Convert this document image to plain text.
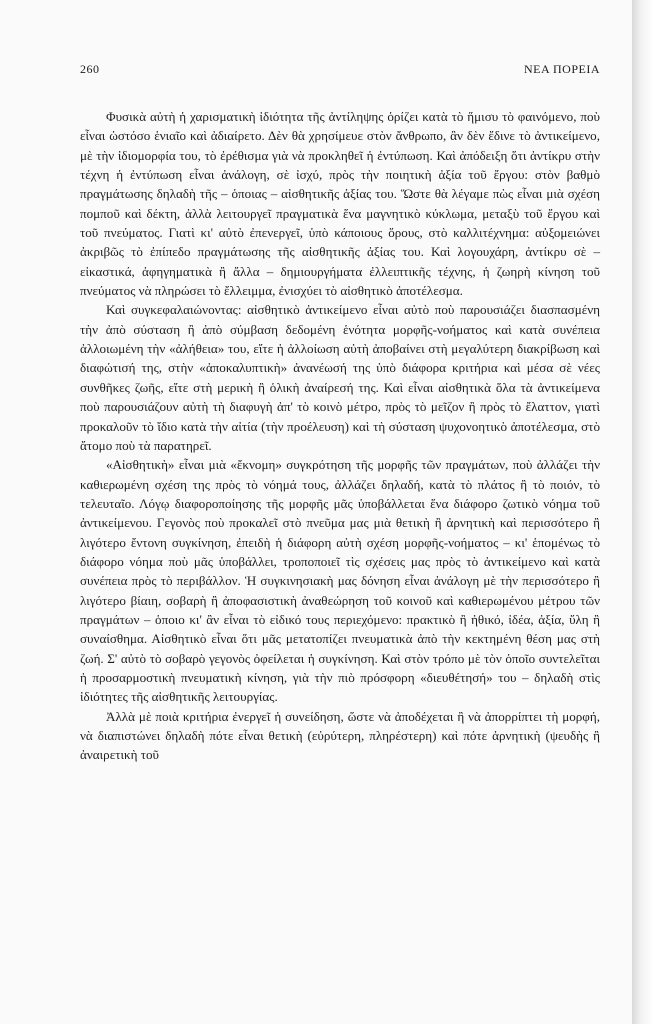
260	ΝΕΑ ΠΟΡΕΙΑ

Φυσικὰ αὐτὴ ἡ χαρισματικὴ ἰδιότητα τῆς ἀντίληψης ὁρίζει κατὰ τὸ ἥμισυ τὸ φαινόμενο, ποὺ εἶναι ὡστόσο ἑνιαῖο καὶ ἀδιαίρετο. Δὲν θὰ χρησίμευε στὸν ἄνθρωπο, ἂν δὲν ἔδινε τὸ ἀντικείμενο, μὲ τὴν ἰδιομορφία του, τὸ ἐρέθισμα γιὰ νὰ προκληθεῖ ἡ ἐντύπωση. Καὶ ἀπόδειξη ὅτι ἀντίκρυ στὴν τέχνη ἡ ἐντύπωση εἶναι ἀνάλογη, σὲ ἰσχύ, πρὸς τὴν ποιητικὴ ἀξία τοῦ ἔργου: στὸν βαθμὸ πραγμάτωσης δηλαδὴ τῆς – ὁποιας – αἰσθητικῆς ἀξίας του. Ὥστε θὰ λέγαμε πὼς εἶναι μιὰ σχέση πομποῦ καὶ δέκτη, ἀλλὰ λειτουργεῖ πραγματικὰ ἕνα μαγνητικὸ κύκλωμα, μεταξὺ τοῦ ἔργου καὶ τοῦ πνεύματος. Γιατὶ κι' αὐτὸ ἐπενεργεῖ, ὑπὸ κάποιους ὅρους, στὸ καλλιτέχνημα: αὐξομειώνει ἀκριβῶς τὸ ἐπίπεδο πραγμάτωσης τῆς αἰσθητικῆς ἀξίας του. Καὶ λογουχάρη, ἀντίκρυ σὲ – εἰκαστικά, ἀφηγηματικὰ ἢ ἄλλα – δημιουργήματα ἐλλειπτικῆς τέχνης, ἡ ζωηρὴ κίνηση τοῦ πνεύματος νὰ πληρώσει τὸ ἔλλειμμα, ἐνισχύει τὸ αἰσθητικὸ ἀποτέλεσμα.

Καὶ συγκεφαλαιώνοντας: αἰσθητικὸ ἀντικείμενο εἶναι αὐτὸ ποὺ παρουσιάζει διασπασμένη τὴν ἀπὸ σύσταση ἢ ἀπὸ σύμβαση δεδομένη ἑνότητα μορφῆς-νοήματος καὶ κατὰ συνέπεια ἀλλοιωμένη τὴν «ἀλήθεια» του, εἴτε ἡ ἀλλοίωση αὐτὴ ἀποβαίνει στὴ μεγαλύτερη διακρίβωση καὶ διαφώτισή της, στὴν «ἀποκαλυπτικὴ» ἀνανέωσή της ὑπὸ διάφορα κριτήρια καὶ μέσα σὲ νέες συνθῆκες ζωῆς, εἴτε στὴ μερικὴ ἢ ὁλικὴ ἀναίρεσή της. Καὶ εἶναι αἰσθητικὰ ὅλα τὰ ἀντικείμενα ποὺ παρουσιάζουν αὐτὴ τὴ διαφυγὴ ἀπ' τὸ κοινὸ μέτρο, πρὸς τὸ μεῖζον ἢ πρὸς τὸ ἔλαττον, γιατὶ προκαλοῦν τὸ ἴδιο κατὰ τὴν αἰτία (τὴν προέλευση) καὶ τὴ σύσταση ψυχονοητικὸ ἀποτέλεσμα, στὸ ἄτομο ποὺ τὰ παρατηρεῖ.

«Αἰσθητικὴ» εἶναι μιὰ «ἔκνομη» συγκρότηση τῆς μορφῆς τῶν πραγμάτων, ποὺ ἀλλάζει τὴν καθιερωμένη σχέση της πρὸς τὸ νόημά τους, ἀλλάζει δηλαδή, κατὰ τὸ πλάτος ἢ τὸ ποιόν, τὸ τελευταῖο. Λόγῳ διαφοροποίησης τῆς μορφῆς μᾶς ὑποβάλλεται ἕνα διάφορο ζωτικὸ νόημα τοῦ ἀντικείμενου. Γεγονὸς ποὺ προκαλεῖ στὸ πνεῦμα μας μιὰ θετικὴ ἢ ἀρνητικὴ καὶ περισσότερο ἢ λιγότερο ἔντονη συγκίνηση, ἐπειδὴ ἡ διάφορη αὐτὴ σχέση μορφῆς-νοήματος – κι' ἑπομένως τὸ διάφορο νόημα ποὺ μᾶς ὑποβάλλει, τροποποιεῖ τὶς σχέσεις μας πρὸς τὸ ἀντικείμενο καὶ κατὰ συνέπεια πρὸς τὸ περιβάλλον. Ἡ συγκινησιακὴ μας δόνηση εἶναι ἀνάλογη μὲ τὴν περισσότερο ἢ λιγότερο βίαιη, σοβαρὴ ἢ ἀποφασιστικὴ ἀναθεώρηση τοῦ κοινοῦ καὶ καθιερωμένου μέτρου τῶν πραγμάτων – ὁποιο κι' ἂν εἶναι τὸ εἰδικό τους περιεχόμενο: πρακτικὸ ἢ ἠθικό, ἰδέα, ἀξία, ὕλη ἢ συναίσθημα. Αἰσθητικὸ εἶναι ὅτι μᾶς μετατοπίζει πνευματικὰ ἀπὸ τὴν κεκτημένη θέση μας στὴ ζωή. Σ' αὐτὸ τὸ σοβαρὸ γεγονὸς ὀφείλεται ἡ συγκίνηση. Καὶ στὸν τρόπο μὲ τὸν ὁποῖο συντελεῖται ἡ προσαρμοστικὴ πνευματικὴ κίνηση, γιὰ τὴν πιὸ πρόσφορη «διευθέτησή» του – δηλαδὴ στὶς ἰδιότητες τῆς αἰσθητικῆς λειτουργίας.

Ἀλλὰ μὲ ποιὰ κριτήρια ἐνεργεῖ ἡ συνείδηση, ὥστε νὰ ἀποδέχεται ἢ νὰ ἀπορρίπτει τὴ μορφή, νὰ διαπιστώνει δηλαδὴ πότε εἶναι θετικὴ (εὐρύτερη, πληρέστερη) καὶ πότε ἀρνητικὴ (ψευδὴς ἢ ἀναιρετικὴ τοῦ
